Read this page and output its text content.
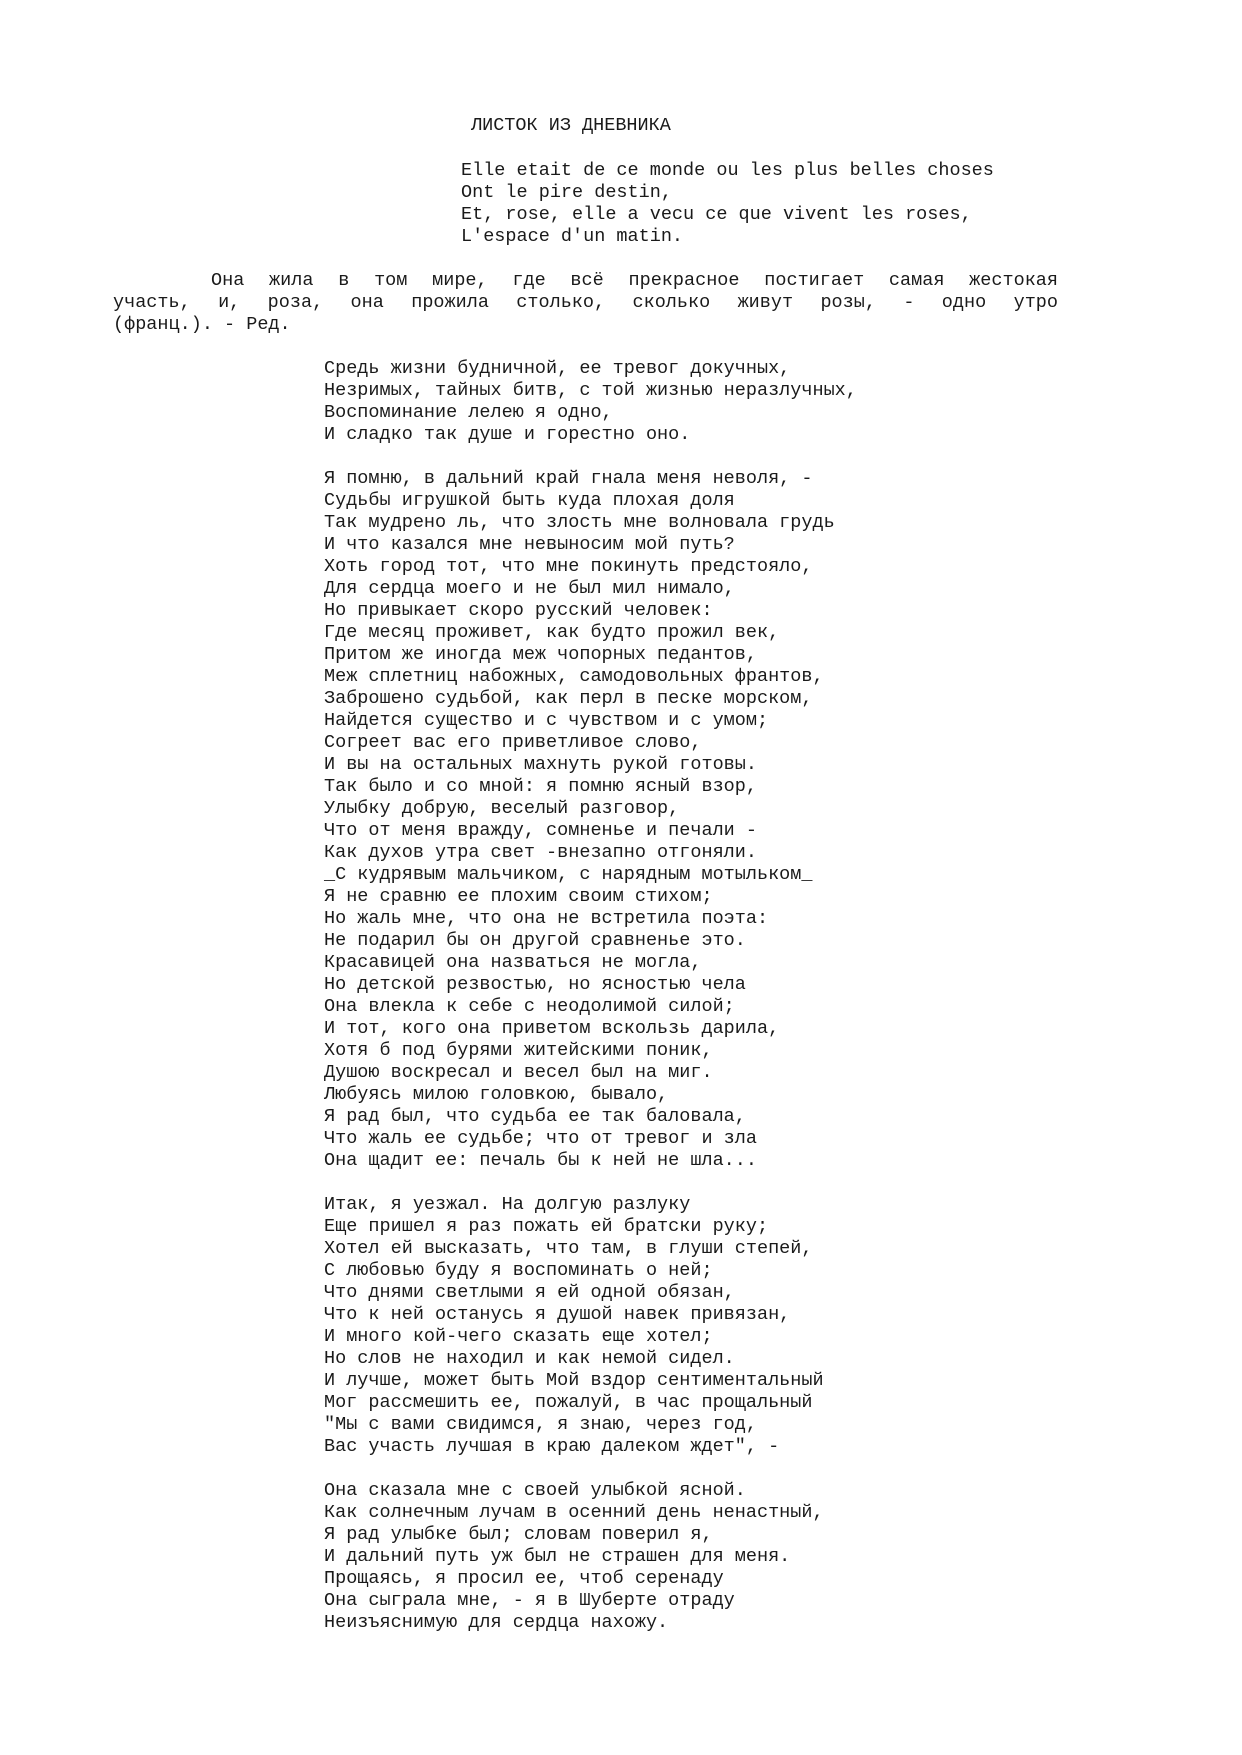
ЛИСТОК ИЗ ДНЕВНИКА
Elle etait de ce monde ou les plus belles choses
Ont le pire destin,
Et, rose, elle a vecu ce que vivent les roses,
L'espace d'un matin.
Она жила в том мире, где всё прекрасное постигает самая жестокая
участь, и, роза, она прожила столько, сколько живут розы, - одно утро
(франц.). - Ред.
Средь жизни будничной, ее тревог докучных,
Незримых, тайных битв, с той жизнью неразлучных,
Воспоминание лелею я одно,
И сладко так душе и горестно оно.
Я помню, в дальний край гнала меня неволя, -
Судьбы игрушкой быть куда плохая доля
Так мудрено ль, что злость мне волновала грудь
И что казался мне невыносим мой путь?
Хоть город тот, что мне покинуть предстояло,
Для сердца моего и не был мил нимало,
Но привыкает скоро русский человек:
Где месяц проживет, как будто прожил век,
Притом же иногда меж чопорных педантов,
Меж сплетниц набожных, самодовольных франтов,
Заброшено судьбой, как перл в песке морском,
Найдется существо и с чувством и с умом;
Согреет вас его приветливое слово,
И вы на остальных махнуть рукой готовы.
Так было и со мной: я помню ясный взор,
Улыбку добрую, веселый разговор,
Что от меня вражду, сомненье и печали -
Как духов утра свет -внезапно отгоняли.
_С кудрявым мальчиком, с нарядным мотыльком_
Я не сравню ее плохим своим стихом;
Но жаль мне, что она не встретила поэта:
Не подарил бы он другой сравненье это.
Красавицей она назваться не могла,
Но детской резвостью, но ясностью чела
Она влекла к себе с неодолимой силой;
И тот, кого она приветом вскользь дарила,
Хотя б под бурями житейскими поник,
Душою воскресал и весел был на миг.
Любуясь милою головкою, бывало,
Я рад был, что судьба ее так баловала,
Что жаль ее судьбе; что от тревог и зла
Она щадит ее: печаль бы к ней не шла...
Итак, я уезжал. На долгую разлуку
Еще пришел я раз пожать ей братски руку;
Хотел ей высказать, что там, в глуши степей,
С любовью буду я воспоминать о ней;
Что днями светлыми я ей одной обязан,
Что к ней останусь я душой навек привязан,
И много кой-чего сказать еще хотел;
Но слов не находил и как немой сидел.
И лучше, может быть Мой вздор сентиментальный
Мог рассмешить ее, пожалуй, в час прощальный
"Мы с вами свидимся, я знаю, через год,
Вас участь лучшая в краю далеком ждет", -
Она сказала мне с своей улыбкой ясной.
Как солнечным лучам в осенний день ненастный,
Я рад улыбке был; словам поверил я,
И дальний путь уж был не страшен для меня.
Прощаясь, я просил ее, чтоб серенаду
Она сыграла мне, - я в Шуберте отраду
Неизъяснимую для сердца нахожу.
